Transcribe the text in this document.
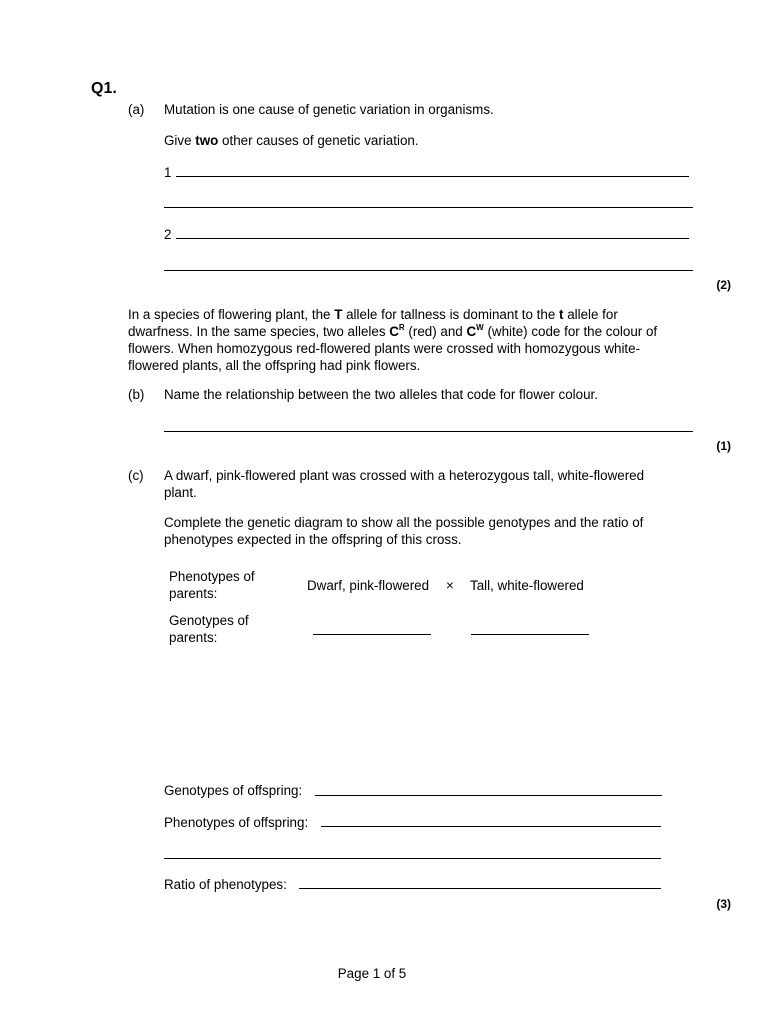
Q1.
(a) Mutation is one cause of genetic variation in organisms.
Give two other causes of genetic variation.
1
2
(2)
In a species of flowering plant, the T allele for tallness is dominant to the t allele for
dwarfness. In the same species, two alleles $C^R$ (red) and $C^W$ (white) code for the colour of
flowers. When homozygous red-flowered plants were crossed with homozygous white-
flowered plants, all the offspring had pink flowers.
(b) Name the relationship between the two alleles that code for flower colour.
(1)
(c) A dwarf, pink-flowered plant was crossed with a heterozygous tall, white-flowered
plant.
Complete the genetic diagram to show all the possible genotypes and the ratio of
phenotypes expected in the offspring of this cross.
Phenotypes of
parents:
Dwarf, pink-flowered × Tall, white-flowered
Genotypes of
parents:
Genotypes of offspring:
Phenotypes of offspring:
Ratio of phenotypes:
(3)
Page 1 of 5
